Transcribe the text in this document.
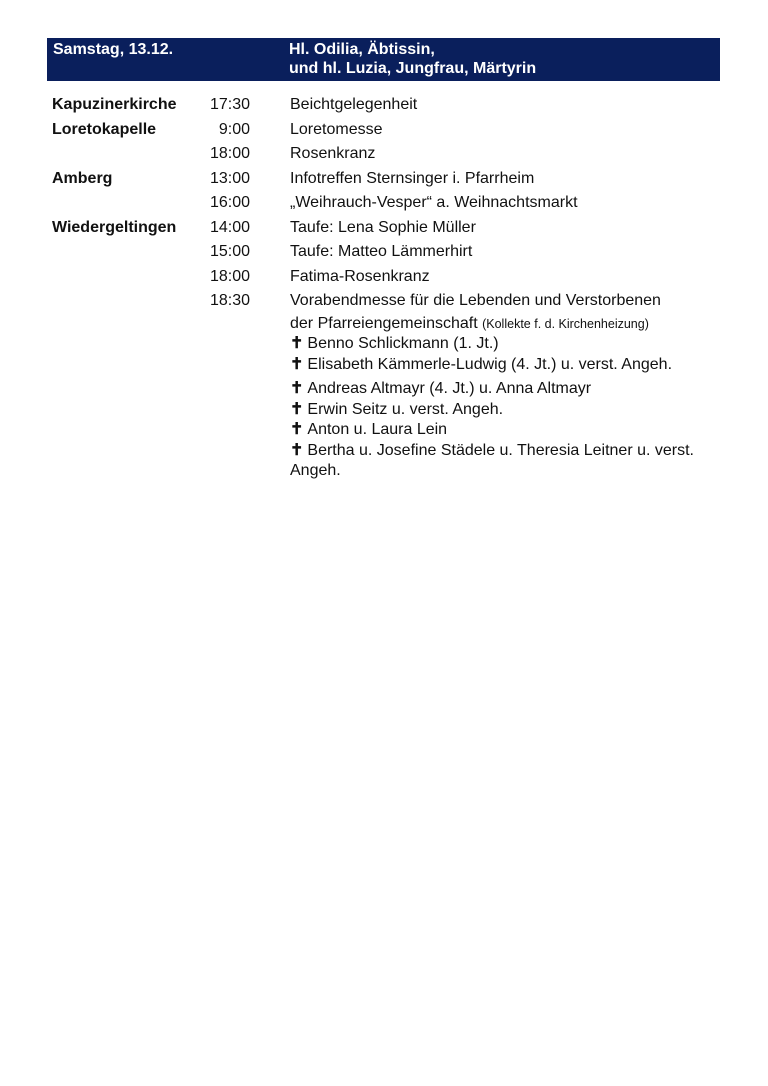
Samstag, 13.12.	Hl. Odilia, Äbtissin,
und hl. Luzia, Jungfrau, Märtyrin
Kapuzinerkirche	17:30	Beichtgelegenheit
Loretokapelle	9:00	Loretomesse
18:00	Rosenkranz
Amberg	13:00	Infotreffen Sternsinger i. Pfarrheim
16:00	„Weihrauch-Vesper“ a. Weihnachtsmarkt
Wiedergeltingen	14:00	Taufe: Lena Sophie Müller
15:00	Taufe: Matteo Lämmerhirt
18:00	Fatima-Rosenkranz
18:30	Vorabendmesse für die Lebenden und Verstorbenen
der Pfarreiengemeinschaft (Kollekte f. d. Kirchenheizung)
✝ Benno Schlickmann (1. Jt.)
✝ Elisabeth Kämmerle-Ludwig (4. Jt.) u. verst. Angeh.
✝ Andreas Altmayr (4. Jt.) u. Anna Altmayr
✝ Erwin Seitz u. verst. Angeh.
✝ Anton u. Laura Lein
✝ Bertha u. Josefine Städele u. Theresia Leitner u. verst. Angeh.
